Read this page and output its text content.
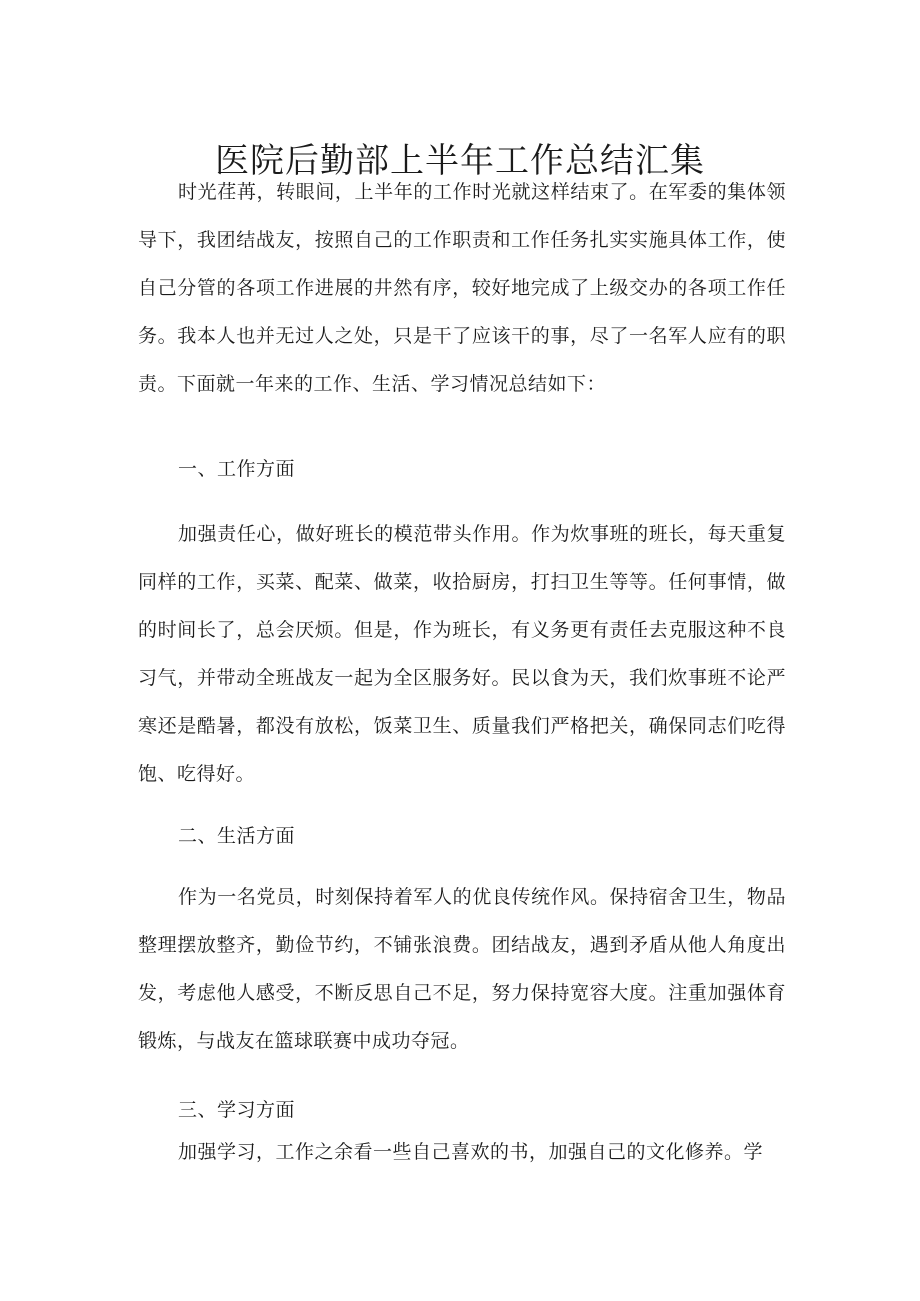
医院后勤部上半年工作总结汇集

时光荏苒，转眼间，上半年的工作时光就这样结束了。在军委的集体领导下，我团结战友，按照自己的工作职责和工作任务扎实实施具体工作，使自己分管的各项工作进展的井然有序，较好地完成了上级交办的各项工作任务。我本人也并无过人之处，只是干了应该干的事，尽了一名军人应有的职责。下面就一年来的工作、生活、学习情况总结如下：

一、工作方面

加强责任心，做好班长的模范带头作用。作为炊事班的班长，每天重复同样的工作，买菜、配菜、做菜，收拾厨房，打扫卫生等等。任何事情，做的时间长了，总会厌烦。但是，作为班长，有义务更有责任去克服这种不良习气，并带动全班战友一起为全区服务好。民以食为天，我们炊事班不论严寒还是酷暑，都没有放松，饭菜卫生、质量我们严格把关，确保同志们吃得饱、吃得好。

二、生活方面

作为一名党员，时刻保持着军人的优良传统作风。保持宿舍卫生，物品整理摆放整齐，勤俭节约，不铺张浪费。团结战友，遇到矛盾从他人角度出发，考虑他人感受，不断反思自己不足，努力保持宽容大度。注重加强体育锻炼，与战友在篮球联赛中成功夺冠。

三、学习方面

加强学习，工作之余看一些自己喜欢的书，加强自己的文化修养。学
